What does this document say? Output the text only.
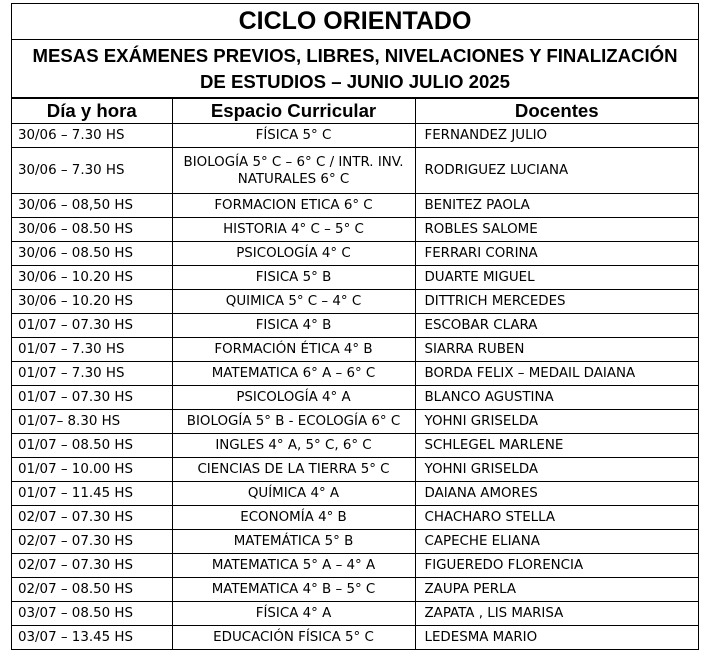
CICLO ORIENTADO
MESAS EXÁMENES PREVIOS, LIBRES, NIVELACIONES Y FINALIZACIÓN
DE ESTUDIOS – JUNIO JULIO 2025
Día y hora	Espacio Curricular	Docentes
30/06 – 7.30 HS	FÍSICA 5° C	FERNANDEZ JULIO
30/06 – 7.30 HS	BIOLOGÍA 5° C – 6° C / INTR. INV. NATURALES 6° C	RODRIGUEZ LUCIANA
30/06 – 08,50 HS	FORMACION ETICA 6° C	BENITEZ PAOLA
30/06 – 08.50 HS	HISTORIA 4° C – 5° C	ROBLES SALOME
30/06 – 08.50 HS	PSICOLOGÍA 4° C	FERRARI CORINA
30/06 – 10.20 HS	FISICA 5° B	DUARTE MIGUEL
30/06 – 10.20 HS	QUIMICA 5° C – 4° C	DITTRICH MERCEDES
01/07 – 07.30 HS	FISICA 4° B	ESCOBAR CLARA
01/07 – 7.30 HS	FORMACIÓN ÉTICA 4° B	SIARRA RUBEN
01/07 – 7.30 HS	MATEMATICA 6° A – 6° C	BORDA FELIX – MEDAIL DAIANA
01/07 – 07.30 HS	PSICOLOGÍA 4° A	BLANCO AGUSTINA
01/07– 8.30 HS	BIOLOGÍA 5° B - ECOLOGÍA 6° C	YOHNI GRISELDA
01/07 – 08.50 HS	INGLES 4° A, 5° C, 6° C	SCHLEGEL MARLENE
01/07 – 10.00 HS	CIENCIAS DE LA TIERRA 5° C	YOHNI GRISELDA
01/07 – 11.45 HS	QUÍMICA 4° A	DAIANA AMORES
02/07 – 07.30 HS	ECONOMÍA 4° B	CHACHARO STELLA
02/07 – 07.30 HS	MATEMÁTICA 5° B	CAPECHE ELIANA
02/07 – 07.30 HS	MATEMATICA 5° A – 4° A	FIGUEREDO FLORENCIA
02/07 – 08.50 HS	MATEMATICA 4° B – 5° C	ZAUPA PERLA
03/07 – 08.50 HS	FÍSICA 4° A	ZAPATA , LIS MARISA
03/07 – 13.45 HS	EDUCACIÓN FÍSICA 5° C	LEDESMA MARIO
